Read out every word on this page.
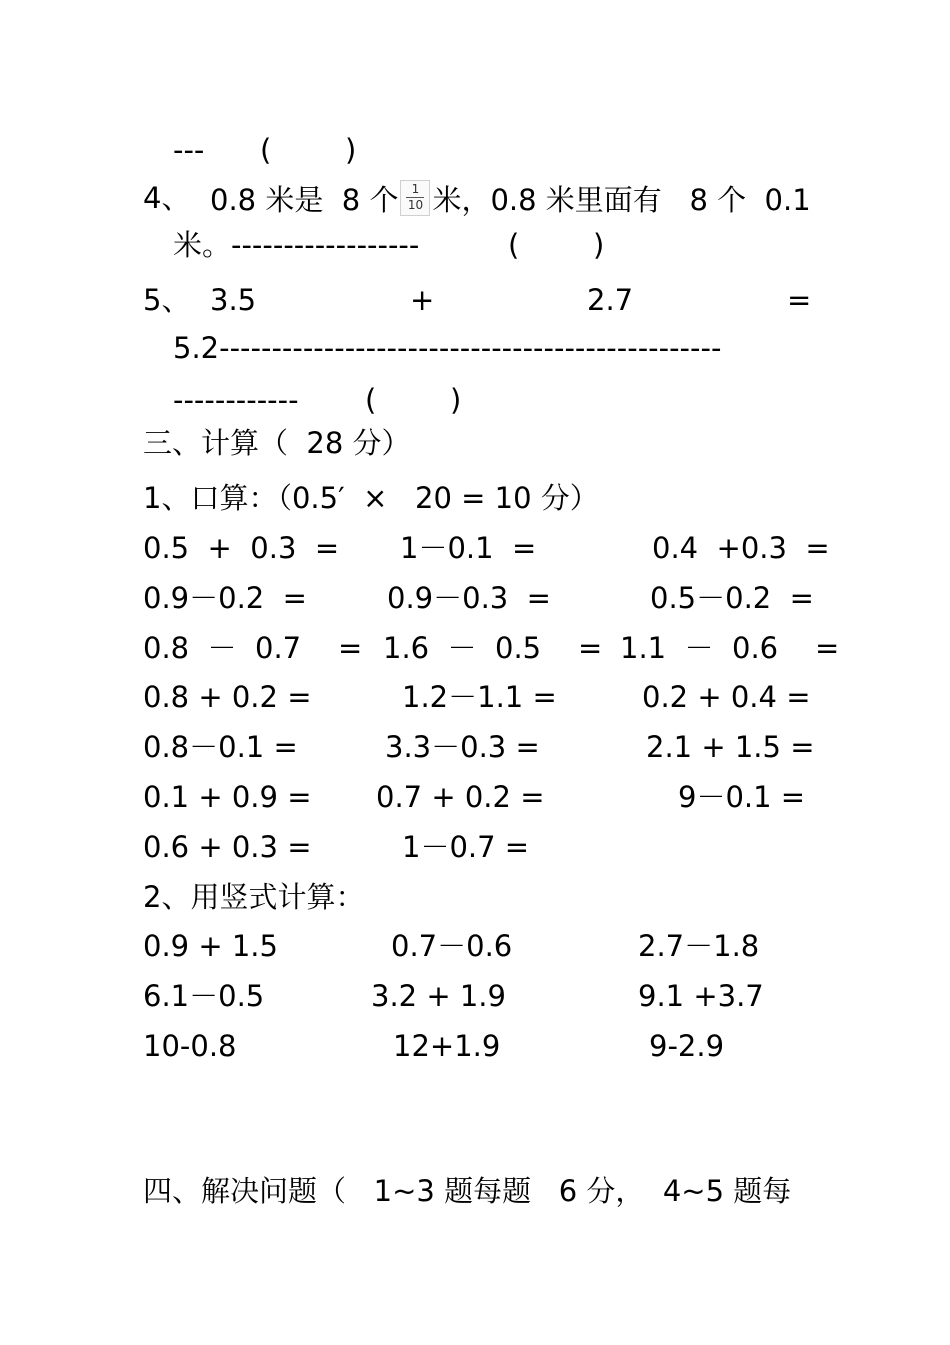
--- (        )
4、 0.8 米是  8 个 $\frac{1}{10}$ 米，0.8 米里面有   8 个  0.1
米。------------------	(        )
5、 3.5	+	2.7	=
5.2------------------------------------------------
------------ (        )
三、计算（  28 分）
1、口算：（0.5′  ×   20 = 10 分）
0.5  +  0.3  = 1－0.1  =	0.4  +0.3  =
0.9－0.2  =	0.9－0.3  =	0.5－0.2  =
0.8  －  0.7    = 1.6  －  0.5    = 1.1  －  0.6    =
0.8 + 0.2 =	1.2－1.1 =	0.2 + 0.4 =
0.8－0.1 =	3.3－0.3 =	2.1 + 1.5 =
0.1 + 0.9 = 0.7 + 0.2 =	9－0.1 =
0.6 + 0.3 =	1－0.7 =
2、用竖式计算：
0.9 + 1.5	0.7－0.6	2.7－1.8
6.1－0.5	3.2 + 1.9	9.1 +3.7
10-0.8	12+1.9	9-2.9
四、解决问题（   1~3 题每题   6 分，  4~5 题每
